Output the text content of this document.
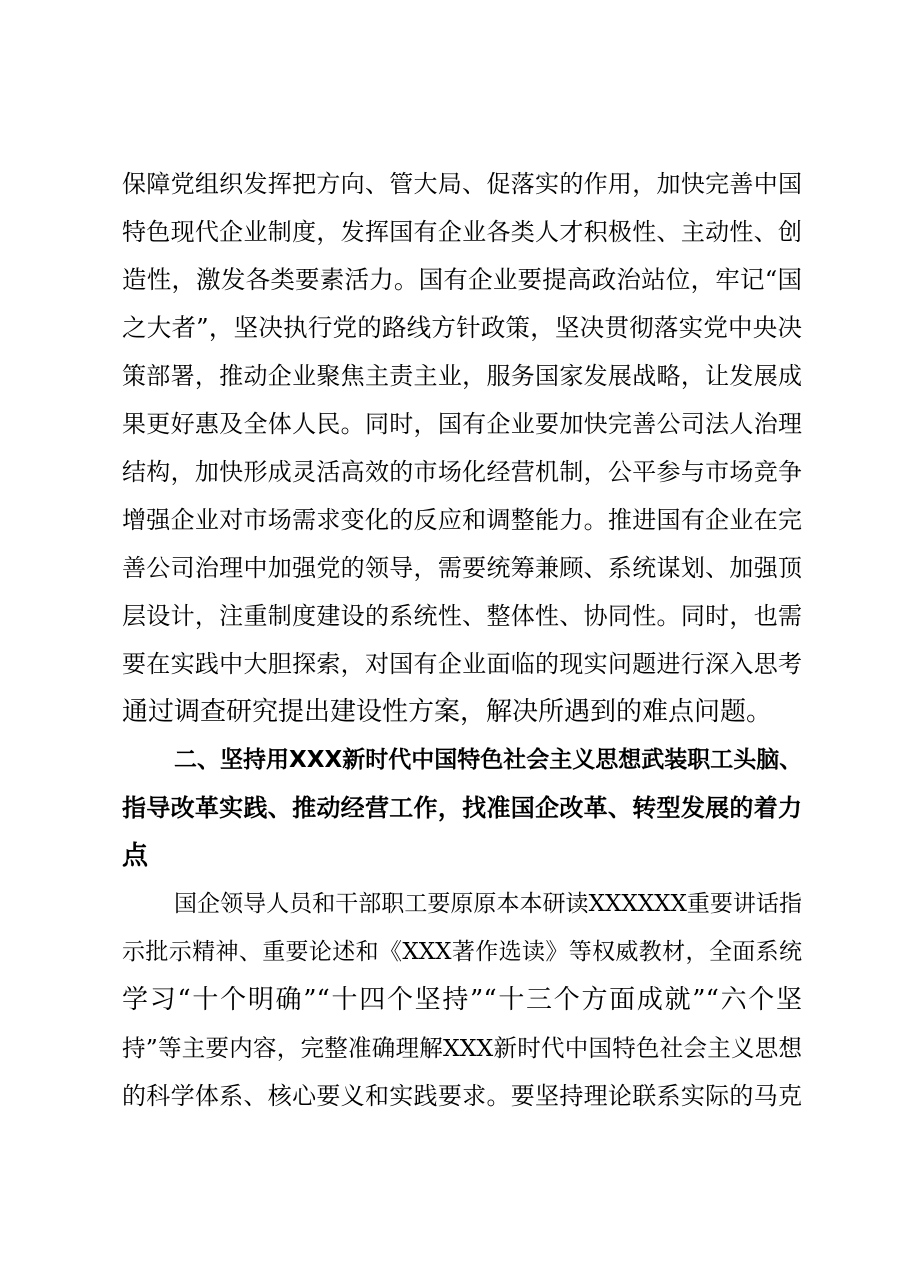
保障党组织发挥把方向、管大局、促落实的作用，加快完善中国
特色现代企业制度，发挥国有企业各类人才积极性、主动性、创
造性，激发各类要素活力。国有企业要提高政治站位，牢记“国
之大者”，坚决执行党的路线方针政策，坚决贯彻落实党中央决
策部署，推动企业聚焦主责主业，服务国家发展战略，让发展成
果更好惠及全体人民。同时，国有企业要加快完善公司法人治理
结构，加快形成灵活高效的市场化经营机制，公平参与市场竞争
增强企业对市场需求变化的反应和调整能力。推进国有企业在完
善公司治理中加强党的领导，需要统筹兼顾、系统谋划、加强顶
层设计，注重制度建设的系统性、整体性、协同性。同时，也需
要在实践中大胆探索，对国有企业面临的现实问题进行深入思考
通过调查研究提出建设性方案，解决所遇到的难点问题。
二、坚持用XXX新时代中国特色社会主义思想武装职工头脑、
指导改革实践、推动经营工作，找准国企改革、转型发展的着力
点
国企领导人员和干部职工要原原本本研读XXXXXX重要讲话指
示批示精神、重要论述和《XXX著作选读》等权威教材，全面系统
学习“十个明确”“十四个坚持”“十三个方面成就”“六个坚
持”等主要内容，完整准确理解XXX新时代中国特色社会主义思想
的科学体系、核心要义和实践要求。要坚持理论联系实际的马克
